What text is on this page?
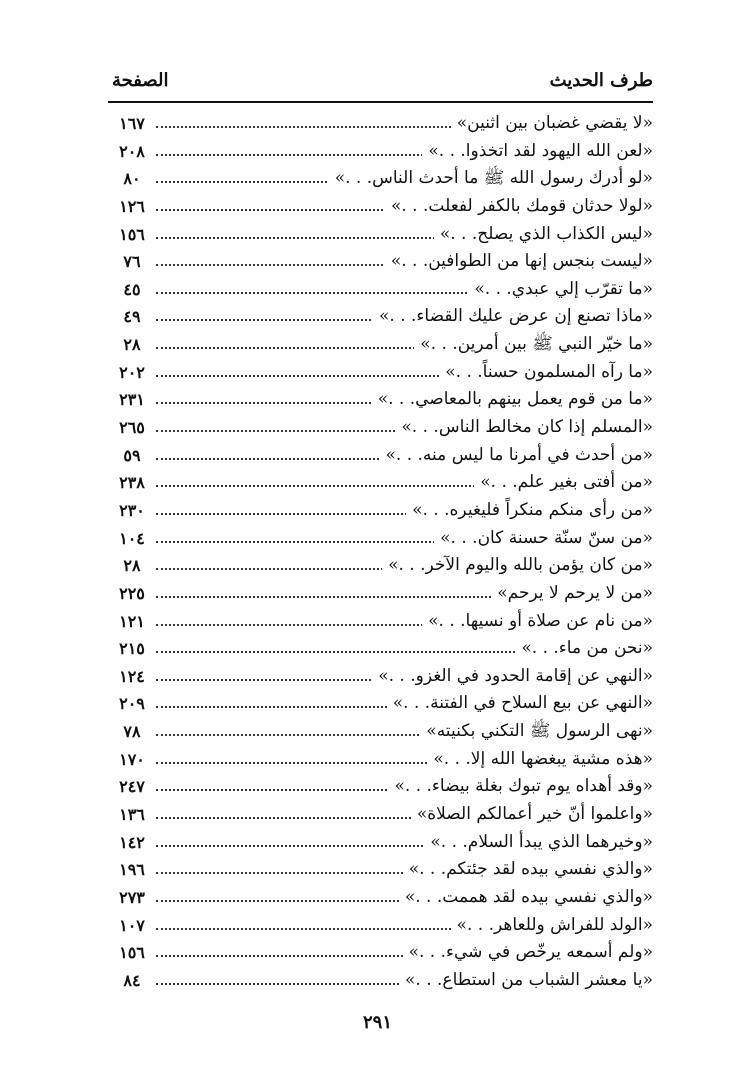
طرف الحديث
الصفحة
«لا يقضي غضبان بين اثنين»
١٦٧
«لعن الله اليهود لقد اتخذوا. . .»
٢٠٨
«لو أدرك رسول الله ﷺ ما أحدث الناس. . .»
٨٠
«لولا حدثان قومك بالكفر لفعلت. . .»
١٢٦
«ليس الكذاب الذي يصلح. . .»
١٥٦
«ليست بنجس إنها من الطوافين. . .»
٧٦
«ما تقرّب إلي عبدي. . .»
٤٥
«ماذا تصنع إن عرض عليك القضاء. . .»
٤٩
«ما خيّر النبي ﷺ بين أمرين. . .»
٢٨
«ما رآه المسلمون حسناً. . .»
٢٠٢
«ما من قوم يعمل بينهم بالمعاصي. . .»
٢٣١
«المسلم إذا كان مخالط الناس. . .»
٢٦٥
«من أحدث في أمرنا ما ليس منه. . .»
٥٩
«من أفتى بغير علم. . .»
٢٣٨
«من رأى منكم منكراً فليغيره. . .»
٢٣٠
«من سنّ سنّة حسنة كان. . .»
١٠٤
«من كان يؤمن بالله واليوم الآخر. . .»
٢٨
«من لا يرحم لا يرحم»
٢٢٥
«من نام عن صلاة أو نسيها. . .»
١٢١
«نحن من ماء. . .»
٢١٥
«النهي عن إقامة الحدود في الغزو. . .»
١٢٤
«النهي عن بيع السلاح في الفتنة. . .»
٢٠٩
«نهى الرسول ﷺ التكني بكنيته»
٧٨
«هذه مشية يبغضها الله إلا. . .»
١٧٠
«وقد أهداه يوم تبوك بغلة بيضاء. . .»
٢٤٧
«واعلموا أنّ خير أعمالكم الصلاة»
١٣٦
«وخيرهما الذي يبدأ السلام. . .»
١٤٢
«والذي نفسي بيده لقد جئتكم. . .»
١٩٦
«والذي نفسي بيده لقد هممت. . .»
٢٧٣
«الولد للفراش وللعاهر. . .»
١٠٧
«ولم أسمعه يرخّص في شيء. . .»
١٥٦
«يا معشر الشباب من استطاع. . .»
٨٤
٢٩١
